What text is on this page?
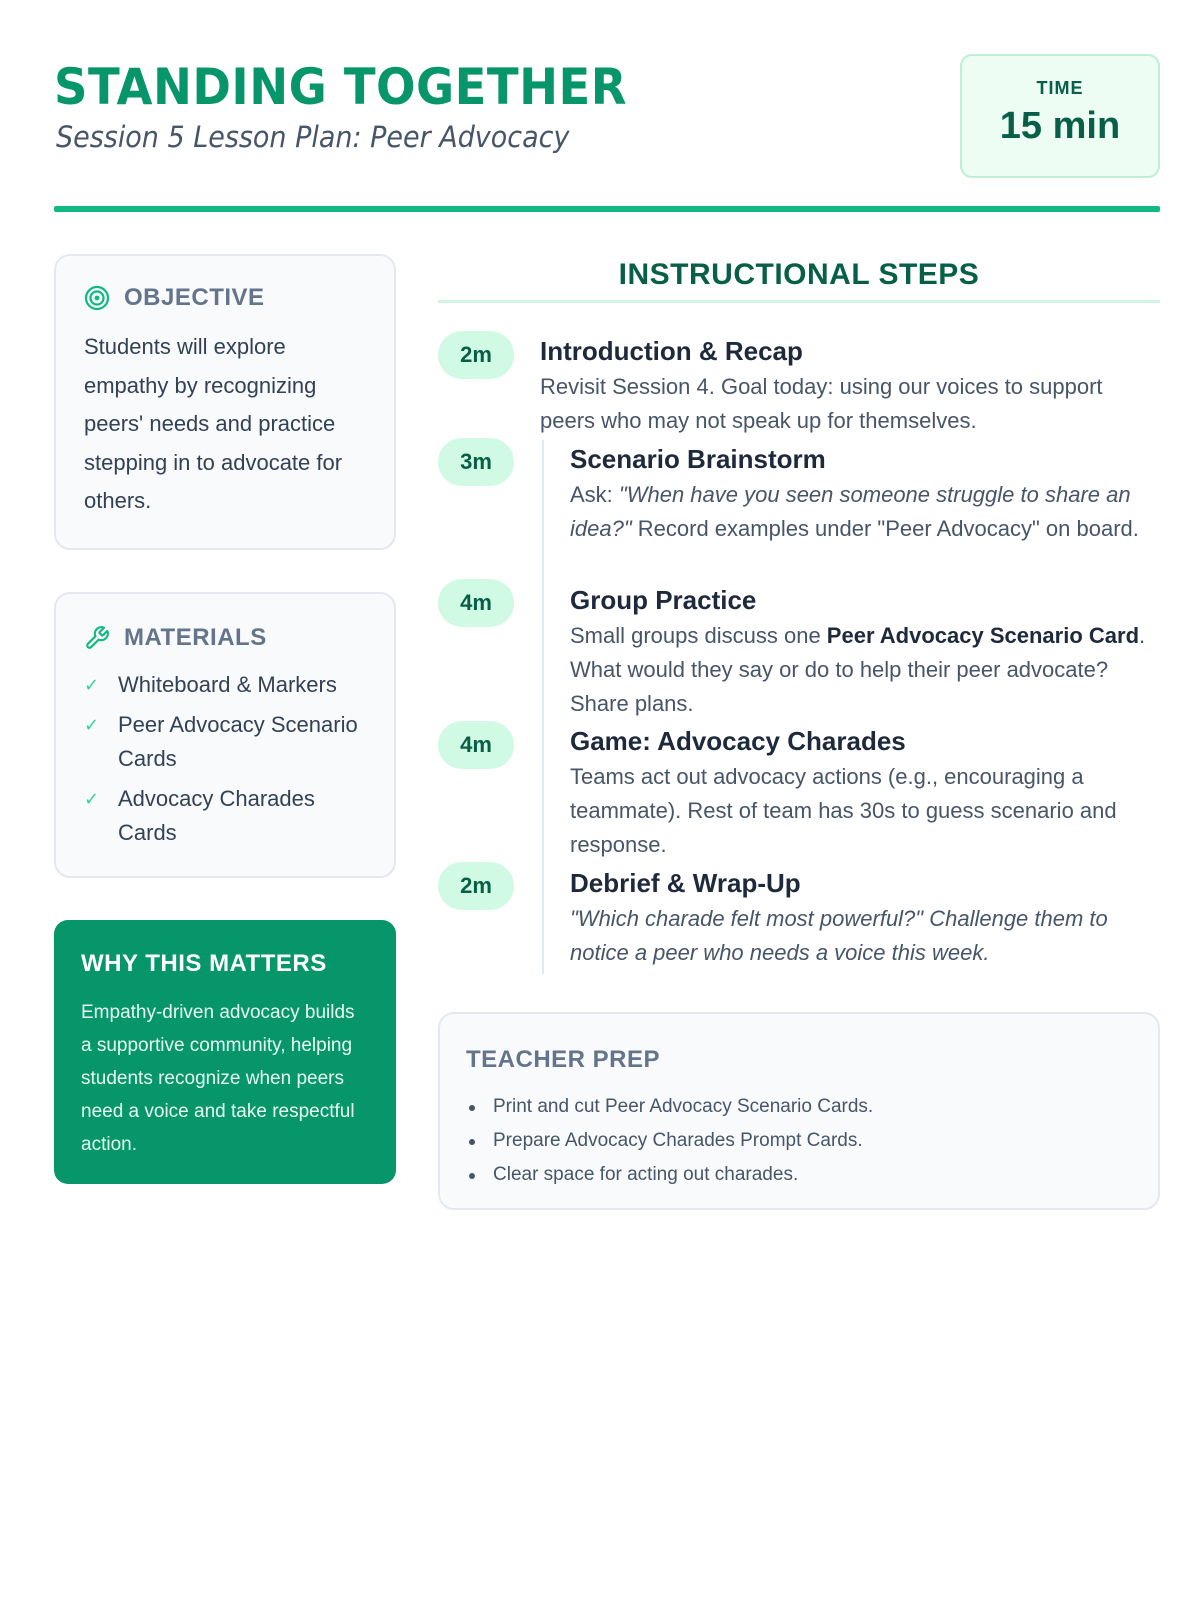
STANDING TOGETHER
Session 5 Lesson Plan: Peer Advocacy
TIME
15 min
OBJECTIVE
Students will explore empathy by recognizing peers' needs and practice stepping in to advocate for others.
MATERIALS
✓ Whiteboard & Markers
✓ Peer Advocacy Scenario Cards
✓ Advocacy Charades Cards
WHY THIS MATTERS
Empathy-driven advocacy builds a supportive community, helping students recognize when peers need a voice and take respectful action.
INSTRUCTIONAL STEPS
2m	Introduction & Recap
Revisit Session 4. Goal today: using our voices to support peers who may not speak up for themselves.
3m	Scenario Brainstorm
Ask: "When have you seen someone struggle to share an idea?" Record examples under "Peer Advocacy" on board.
4m	Group Practice
Small groups discuss one Peer Advocacy Scenario Card. What would they say or do to help their peer advocate? Share plans.
4m	Game: Advocacy Charades
Teams act out advocacy actions (e.g., encouraging a teammate). Rest of team has 30s to guess scenario and response.
2m	Debrief & Wrap-Up
"Which charade felt most powerful?" Challenge them to notice a peer who needs a voice this week.
TEACHER PREP
Print and cut Peer Advocacy Scenario Cards.
Prepare Advocacy Charades Prompt Cards.
Clear space for acting out charades.
